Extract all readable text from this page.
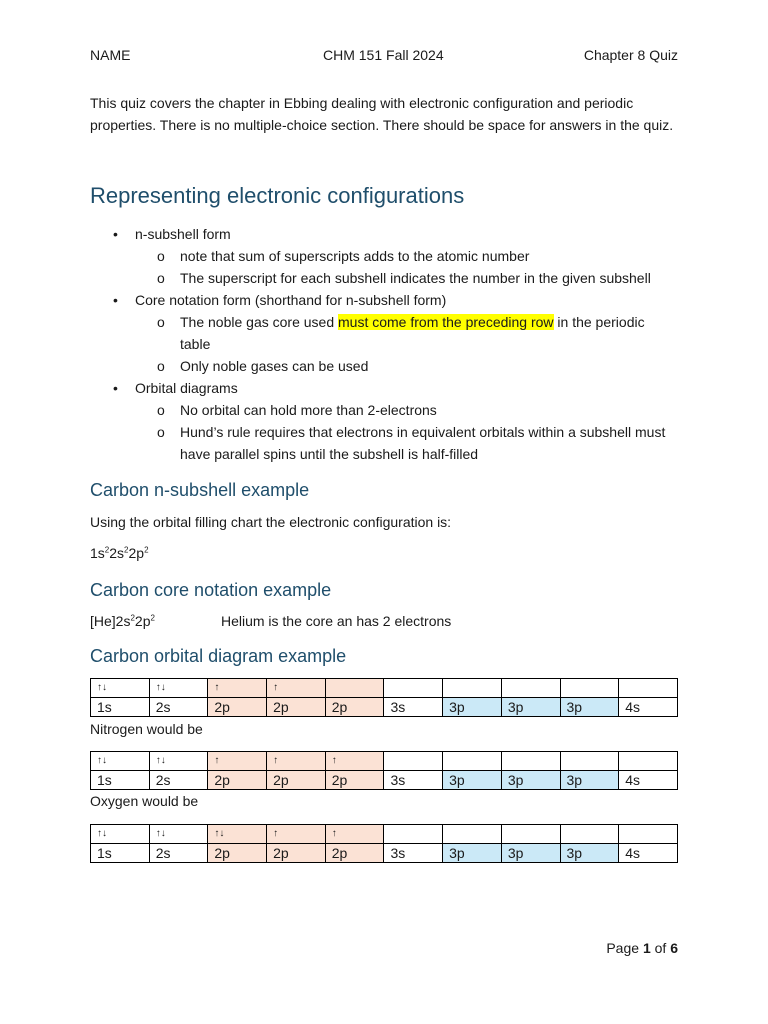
NAME	CHM 151 Fall 2024	Chapter 8 Quiz
This quiz covers the chapter in Ebbing dealing with electronic configuration and periodic properties. There is no multiple-choice section. There should be space for answers in the quiz.
Representing electronic configurations
• n-subshell form
o note that sum of superscripts adds to the atomic number
o The superscript for each subshell indicates the number in the given subshell
• Core notation form (shorthand for n-subshell form)
o The noble gas core used must come from the preceding row in the periodic table
o Only noble gases can be used
• Orbital diagrams
o No orbital can hold more than 2-electrons
o Hund’s rule requires that electrons in equivalent orbitals within a subshell must have parallel spins until the subshell is half-filled
Carbon n-subshell example
Using the orbital filling chart the electronic configuration is:
$1s^22s^22p^2$
Carbon core notation example
$[He]2s^22p^2$	Helium is the core an has 2 electrons
Carbon orbital diagram example
↑↓	↑↓	↑	↑						
1s	2s	2p	2p	2p	3s	3p	3p	3p	4s
Nitrogen would be
↑↓	↑↓	↑	↑	↑					
1s	2s	2p	2p	2p	3s	3p	3p	3p	4s
Oxygen would be
↑↓	↑↓	↑↓	↑	↑					
1s	2s	2p	2p	2p	3s	3p	3p	3p	4s
Page 1 of 6
